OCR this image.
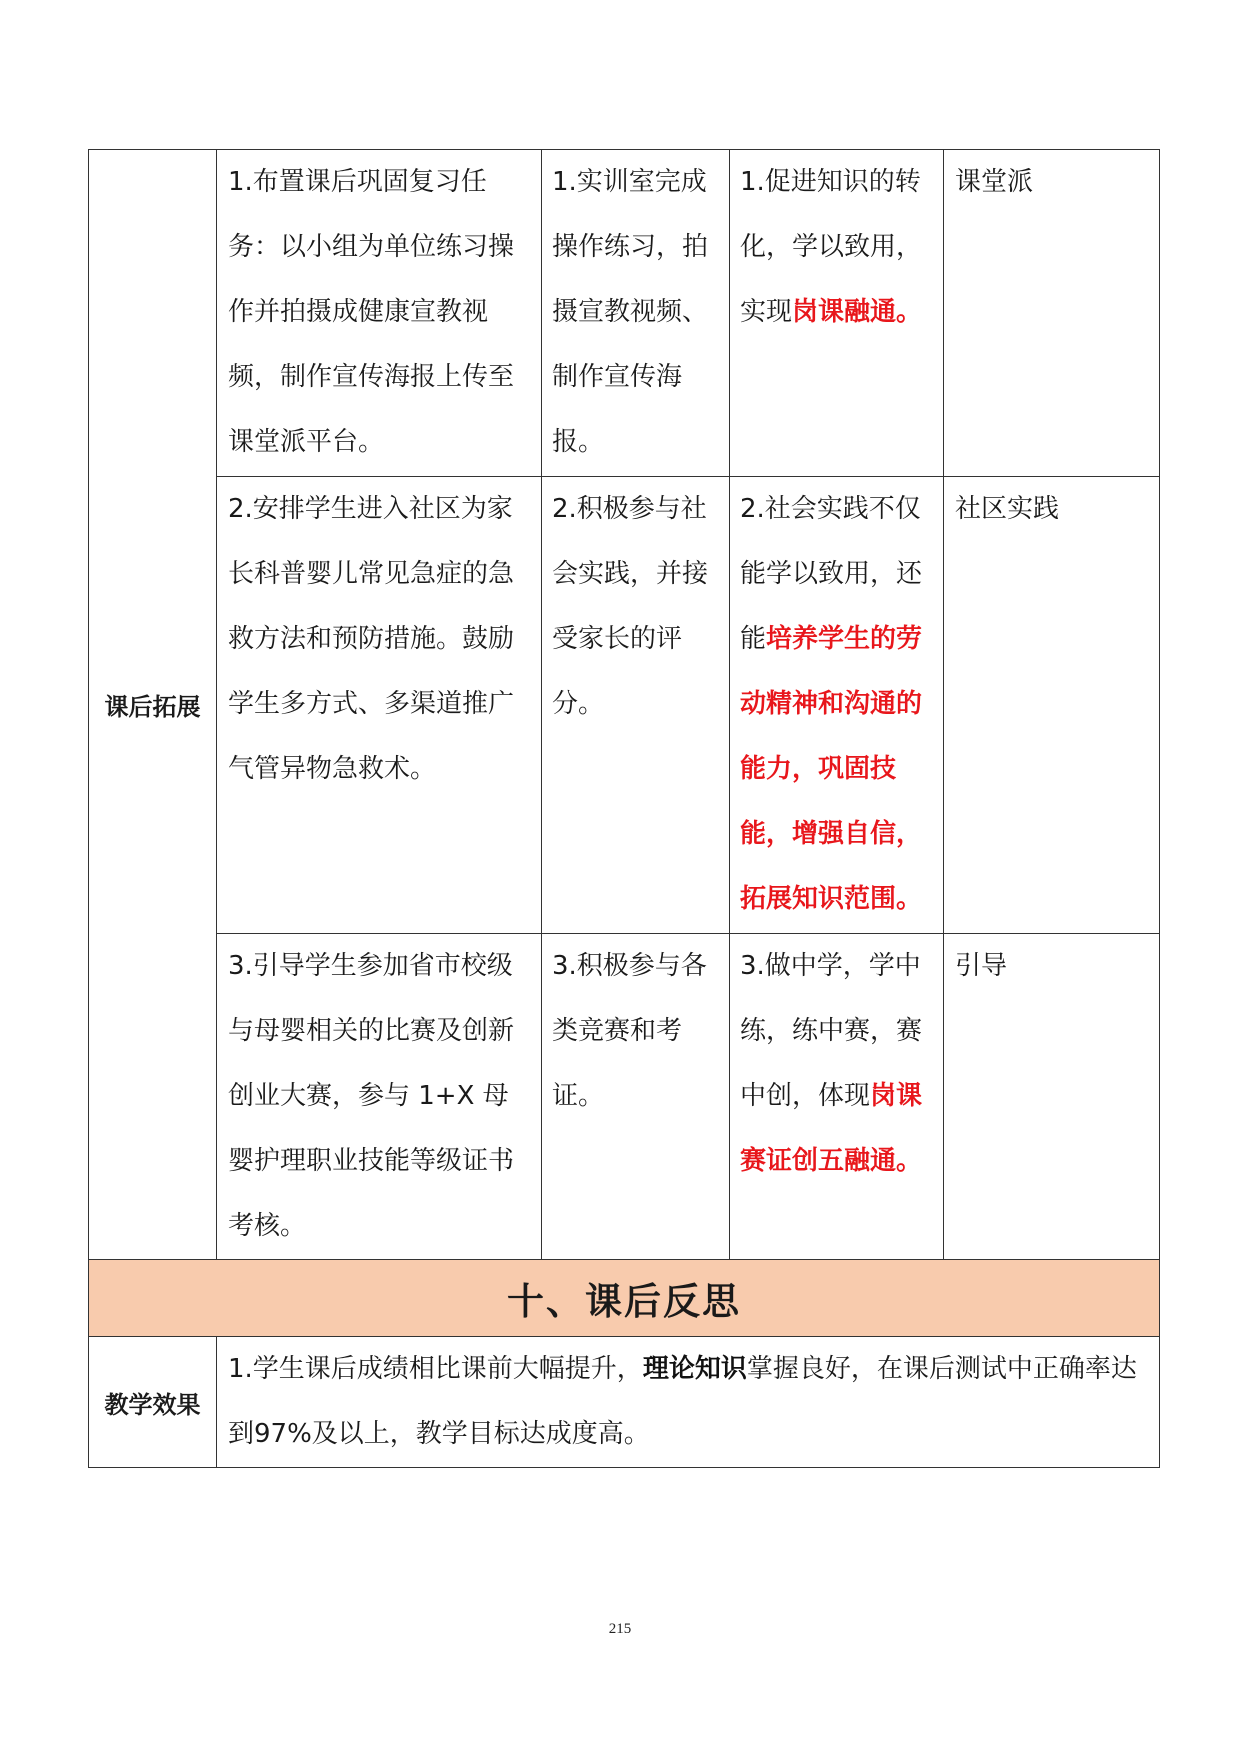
课后拓展	1.布置课后巩固复习任务：以小组为单位练习操作并拍摄成健康宣教视频，制作宣传海报上传至课堂派平台。	1.实训室完成操作练习，拍摄宣教视频、制作宣传海报。	1.促进知识的转化，学以致用，实现岗课融通。	课堂派

	2.安排学生进入社区为家长科普婴儿常见急症的急救方法和预防措施。鼓励学生多方式、多渠道推广气管异物急救术。	2.积极参与社会实践，并接受家长的评分。	2.社会实践不仅能学以致用，还能培养学生的劳动精神和沟通的能力，巩固技能，增强自信，拓展知识范围。	社区实践

	3.引导学生参加省市校级与母婴相关的比赛及创新创业大赛，参与 1+X 母婴护理职业技能等级证书考核。	3.积极参与各类竞赛和考证。	3.做中学，学中练，练中赛，赛中创，体现岗课赛证创五融通。	引导

十、课后反思				
教学效果	1.学生课后成绩相比课前大幅提升，理论知识掌握良好，在课后测试中正确率达到97%及以上，教学目标达成度高。			
215
